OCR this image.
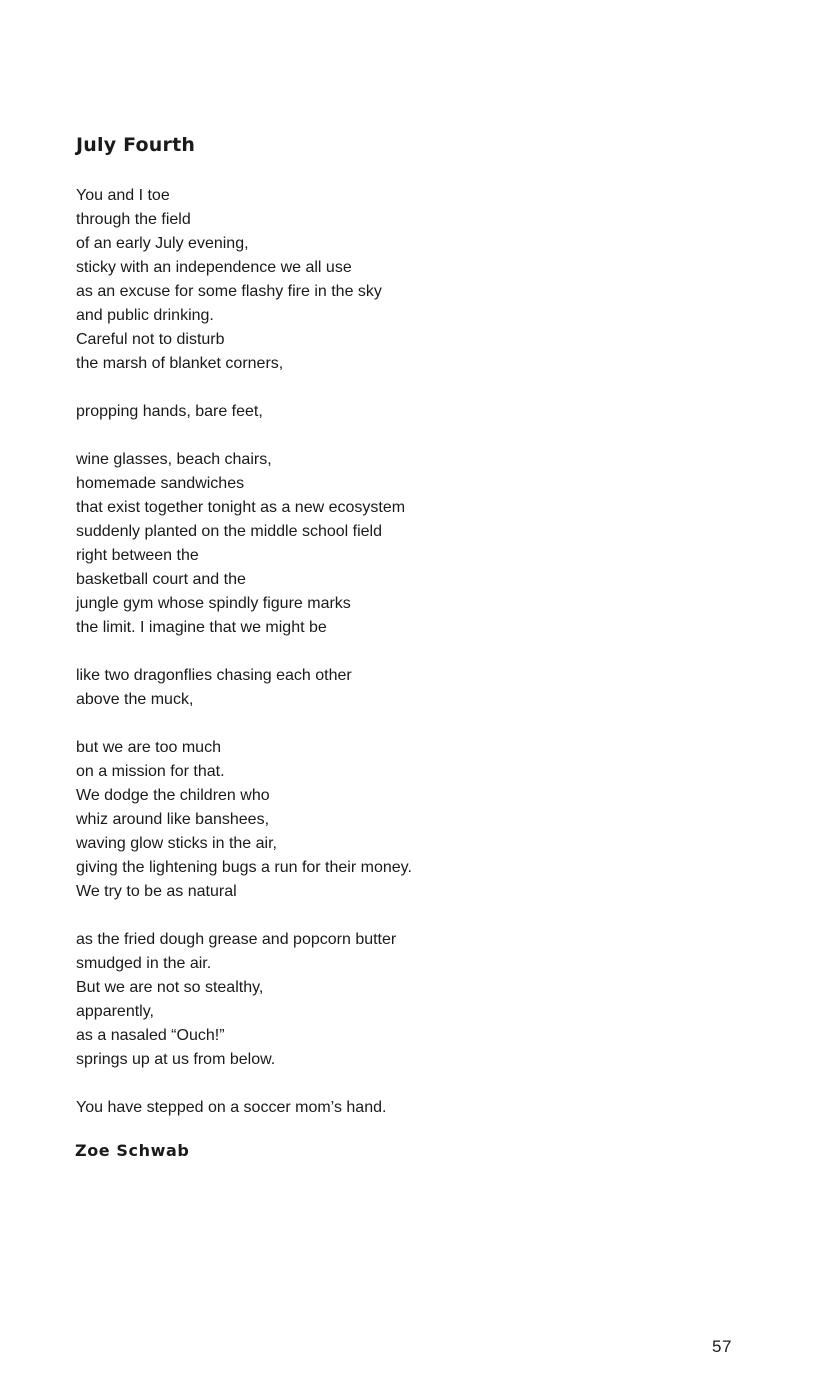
July Fourth
You and I toe
through the field
of an early July evening,
sticky with an independence we all use
as an excuse for some flashy fire in the sky
and public drinking.
Careful not to disturb
the marsh of blanket corners,
propping hands, bare feet,
wine glasses, beach chairs,
homemade sandwiches
that exist together tonight as a new ecosystem
suddenly planted on the middle school field
right between the
basketball court and the
jungle gym whose spindly figure marks
the limit. I imagine that we might be
like two dragonflies chasing each other
above the muck,
but we are too much
on a mission for that.
We dodge the children who
whiz around like banshees,
waving glow sticks in the air,
giving the lightening bugs a run for their money.
We try to be as natural
as the fried dough grease and popcorn butter
smudged in the air.
But we are not so stealthy,
apparently,
as a nasaled “Ouch!”
springs up at us from below.
You have stepped on a soccer mom’s hand.

Zoe Schwab

57
